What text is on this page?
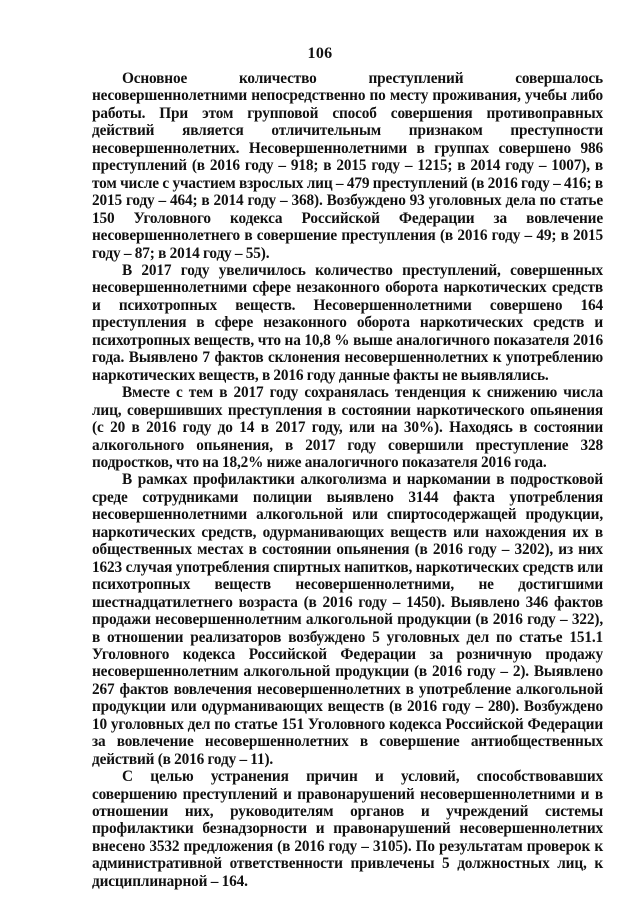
106

Основное количество преступлений совершалось несовершеннолетними непосредственно по месту проживания, учебы либо работы. При этом групповой способ совершения противоправных действий является отличительным признаком преступности несовершеннолетних. Несовершеннолетними в группах совершено 986 преступлений (в 2016 году – 918; в 2015 году – 1215; в 2014 году – 1007), в том числе с участием взрослых лиц – 479 преступлений (в 2016 году – 416; в 2015 году – 464; в 2014 году – 368). Возбуждено 93 уголовных дела по статье 150 Уголовного кодекса Российской Федерации за вовлечение несовершеннолетнего в совершение преступления (в 2016 году – 49; в 2015 году – 87; в 2014 году – 55).

В 2017 году увеличилось количество преступлений, совершенных несовершеннолетними сфере незаконного оборота наркотических средств и психотропных веществ. Несовершеннолетними совершено 164 преступления в сфере незаконного оборота наркотических средств и психотропных веществ, что на 10,8 % выше аналогичного показателя 2016 года. Выявлено 7 фактов склонения несовершеннолетних к употреблению наркотических веществ, в 2016 году данные факты не выявлялись.

Вместе с тем в 2017 году сохранялась тенденция к снижению числа лиц, совершивших преступления в состоянии наркотического опьянения (с 20 в 2016 году до 14 в 2017 году, или на 30%). Находясь в состоянии алкогольного опьянения, в 2017 году совершили преступление 328 подростков, что на 18,2% ниже аналогичного показателя 2016 года.

В рамках профилактики алкоголизма и наркомании в подростковой среде сотрудниками полиции выявлено 3144 факта употребления несовершеннолетними алкогольной или спиртосодержащей продукции, наркотических средств, одурманивающих веществ или нахождения их в общественных местах в состоянии опьянения (в 2016 году – 3202), из них 1623 случая употребления спиртных напитков, наркотических средств или психотропных веществ несовершеннолетними, не достигшими шестнадцатилетнего возраста (в 2016 году – 1450). Выявлено 346 фактов продажи несовершеннолетним алкогольной продукции (в 2016 году – 322), в отношении реализаторов возбуждено 5 уголовных дел по статье 151.1 Уголовного кодекса Российской Федерации за розничную продажу несовершеннолетним алкогольной продукции (в 2016 году – 2). Выявлено 267 фактов вовлечения несовершеннолетних в употребление алкогольной продукции или одурманивающих веществ (в 2016 году – 280). Возбуждено 10 уголовных дел по статье 151 Уголовного кодекса Российской Федерации за вовлечение несовершеннолетних в совершение антиобщественных действий (в 2016 году – 11).

С целью устранения причин и условий, способствовавших совершению преступлений и правонарушений несовершеннолетними и в отношении них, руководителям органов и учреждений системы профилактики безнадзорности и правонарушений несовершеннолетних внесено 3532 предложения (в 2016 году – 3105). По результатам проверок к административной ответственности привлечены 5 должностных лиц, к дисциплинарной – 164.
